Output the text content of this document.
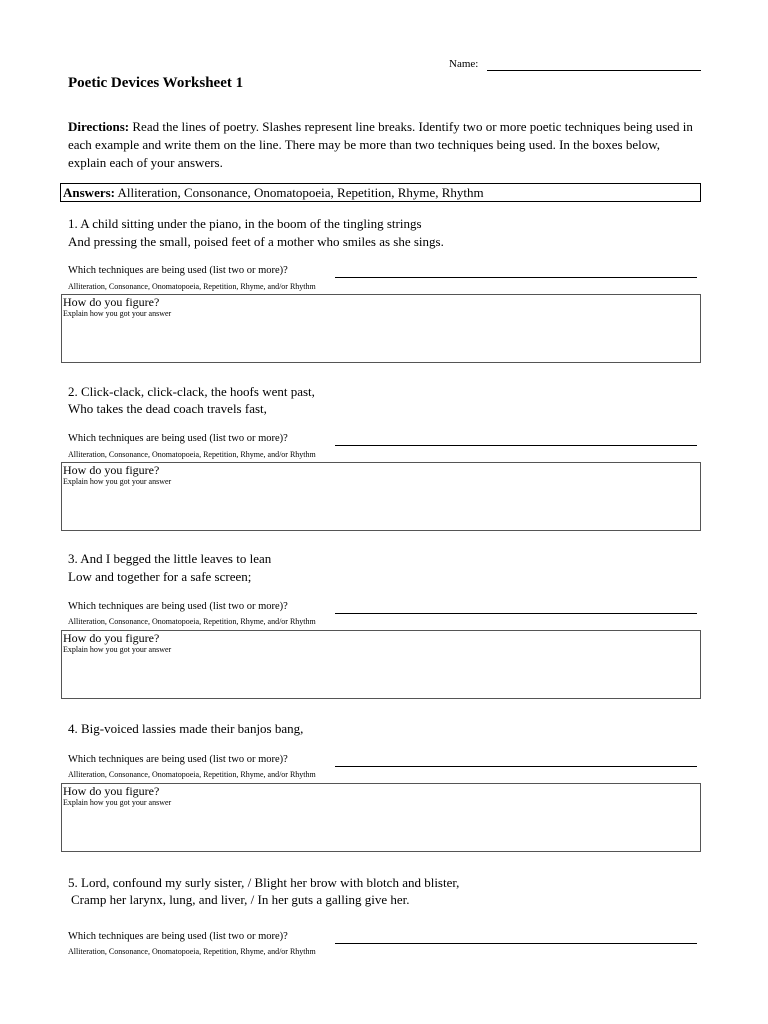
Name:
Poetic Devices Worksheet 1
Directions: Read the lines of poetry. Slashes represent line breaks. Identify two or more poetic techniques being used in each example and write them on the line. There may be more than two techniques being used. In the boxes below, explain each of your answers.
Answers: Alliteration, Consonance, Onomatopoeia, Repetition, Rhyme, Rhythm
1. A child sitting under the piano, in the boom of the tingling strings
And pressing the small, poised feet of a mother who smiles as she sings.
Which techniques are being used (list two or more)?
Alliteration, Consonance, Onomatopoeia, Repetition, Rhyme, and/or Rhythm
How do you figure?
Explain how you got your answer
2. Click-clack, click-clack, the hoofs went past,
Who takes the dead coach travels fast,
Which techniques are being used (list two or more)?
Alliteration, Consonance, Onomatopoeia, Repetition, Rhyme, and/or Rhythm
How do you figure?
Explain how you got your answer
3. And I begged the little leaves to lean
Low and together for a safe screen;
Which techniques are being used (list two or more)?
Alliteration, Consonance, Onomatopoeia, Repetition, Rhyme, and/or Rhythm
How do you figure?
Explain how you got your answer
4. Big-voiced lassies made their banjos bang,
Which techniques are being used (list two or more)?
Alliteration, Consonance, Onomatopoeia, Repetition, Rhyme, and/or Rhythm
How do you figure?
Explain how you got your answer
5. Lord, confound my surly sister, / Blight her brow with blotch and blister,
Cramp her larynx, lung, and liver, / In her guts a galling give her.
Which techniques are being used (list two or more)?
Alliteration, Consonance, Onomatopoeia, Repetition, Rhyme, and/or Rhythm
